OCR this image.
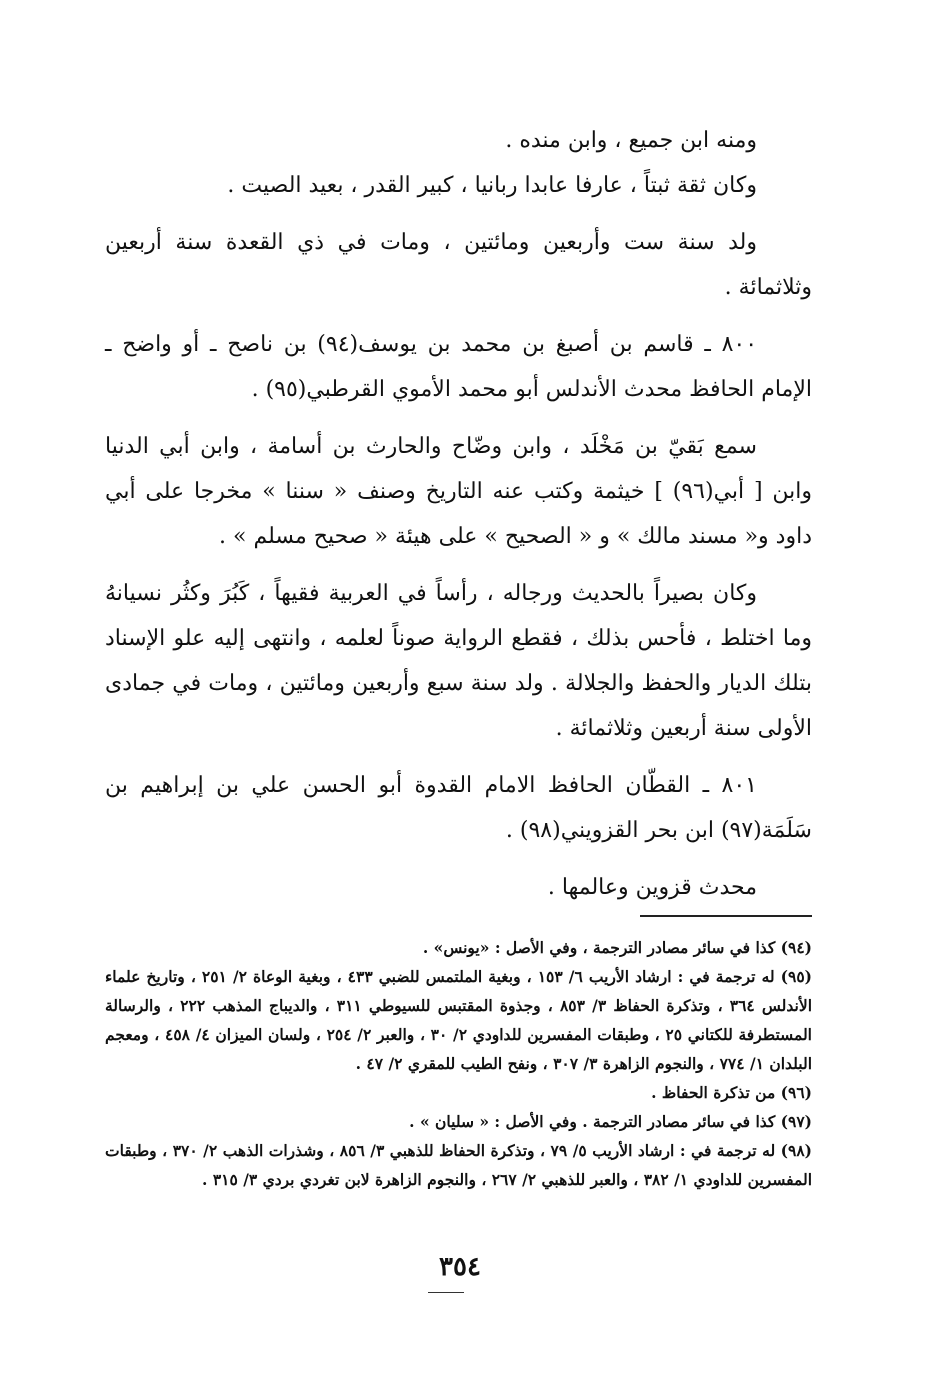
ومنه ابن جميع ، وابن منده .

وكان ثقة ثبتاً ، عارفا عابدا ربانيا ، كبير القدر ، بعيد الصيت .

ولد سنة ست وأربعين ومائتين ، ومات في ذي القعدة سنة أربعين وثلاثمائة .

٨٠٠ ـ قاسم بن أصبغ بن محمد بن يوسف(٩٤) بن ناصح ـ أو واضح ـ الإمام الحافظ محدث الأندلس أبو محمد الأموي القرطبي(٩٥) .

سمع بَقيّ بن مَخْلَد ، وابن وضّاح والحارث بن أسامة ، وابن أبي الدنيا وابن [ أبي(٩٦) ] خيثمة وكتب عنه التاريخ وصنف « سننا » مخرجا على أبي داود و« مسند مالك » و « الصحيح » على هيئة « صحيح مسلم » .

وكان بصيراً بالحديث ورجاله ، رأساً في العربية فقيهاً ، كَبُرَ وكثُر نسيانهُ وما اختلط ، فأحس بذلك ، فقطع الرواية صوناً لعلمه ، وانتهى إليه علو الإسناد بتلك الديار والحفظ والجلالة . ولد سنة سبع وأربعين ومائتين ، ومات في جمادى الأولى سنة أربعين وثلاثمائة .

٨٠١ ـ القطّان الحافظ الامام القدوة أبو الحسن علي بن إبراهيم بن سَلَمَة(٩٧) ابن بحر القزويني(٩٨) .

محدث قزوين وعالمها .

(٩٤) كذا في سائر مصادر الترجمة ، وفي الأصل : «يونس» .

(٩٥) له ترجمة في : ارشاد الأريب ٦/ ١٥٣ ، وبغية الملتمس للضبي ٤٣٣ ، وبغية الوعاة ٢/ ٢٥١ ، وتاريخ علماء الأندلس ٣٦٤ ، وتذكرة الحفاظ ٣/ ٨٥٣ ، وجذوة المقتبس للسيوطي ٣١١ ، والديباج المذهب ٢٢٢ ، والرسالة المستطرفة للكتاني ٢٥ ، وطبقات المفسرين للداودي ٢/ ٣٠ ، والعبر ٢/ ٢٥٤ ، ولسان الميزان ٤/ ٤٥٨ ، ومعجم البلدان ١/ ٧٧٤ ، والنجوم الزاهرة ٣/ ٣٠٧ ، ونفح الطيب للمقري ٢/ ٤٧ .

(٩٦) من تذكرة الحفاظ .

(٩٧) كذا في سائر مصادر الترجمة . وفي الأصل : « سليان » .

(٩٨) له ترجمة في : ارشاد الأريب ٥/ ٧٩ ، وتذكرة الحفاظ للذهبي ٣/ ٨٥٦ ، وشذرات الذهب ٢/ ٣٧٠ ، وطبقات المفسرين للداودي ١/ ٣٨٢ ، والعبر للذهبي ٢/ ٢٦٧ ، والنجوم الزاهرة لابن تغردي بردي ٣/ ٣١٥ .

٣٥٤
